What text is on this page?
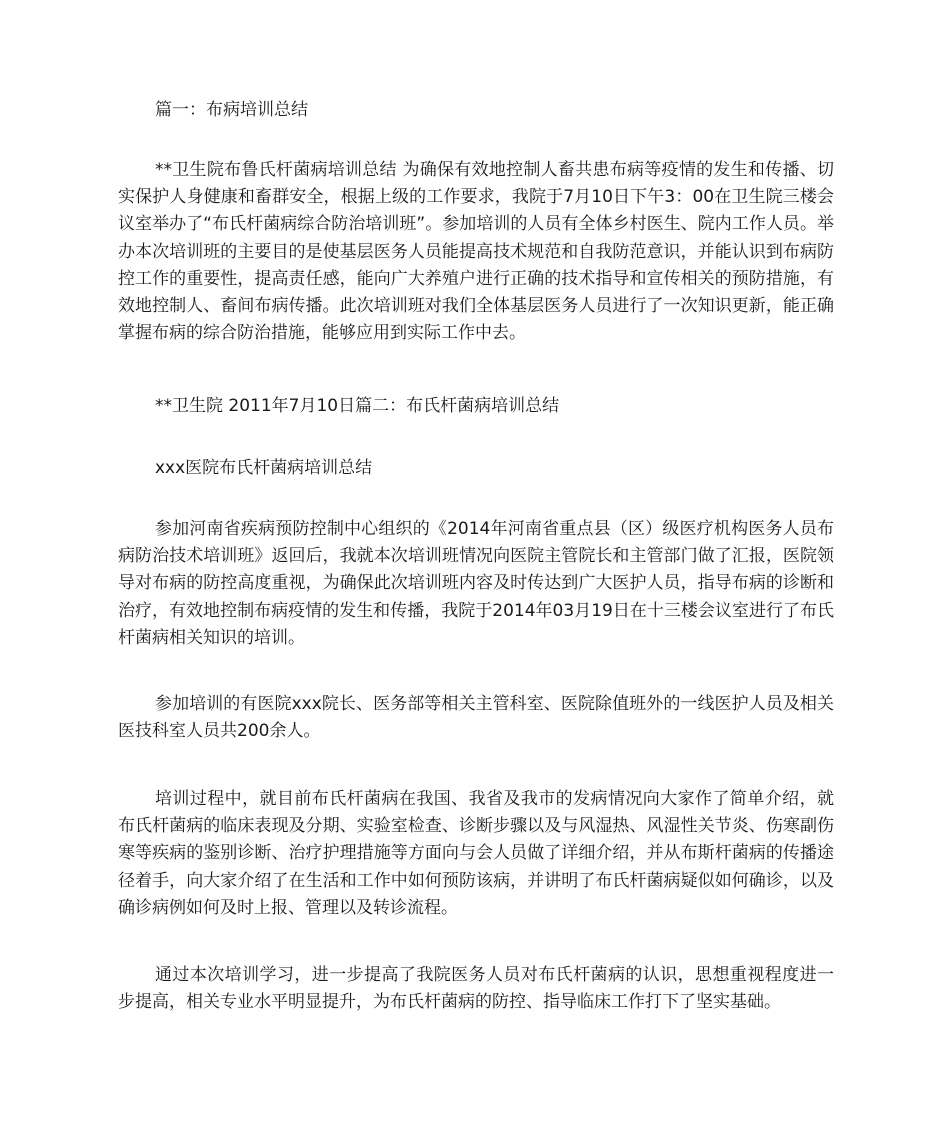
篇一：布病培训总结

**卫生院布鲁氏杆菌病培训总结 为确保有效地控制人畜共患布病等疫情的发生和传播、切实保护人身健康和畜群安全，根据上级的工作要求，我院于7月10日下午3：00在卫生院三楼会议室举办了“布氏杆菌病综合防治培训班”。参加培训的人员有全体乡村医生、院内工作人员。举办本次培训班的主要目的是使基层医务人员能提高技术规范和自我防范意识，并能认识到布病防控工作的重要性，提高责任感，能向广大养殖户进行正确的技术指导和宣传相关的预防措施，有效地控制人、畜间布病传播。此次培训班对我们全体基层医务人员进行了一次知识更新，能正确掌握布病的综合防治措施，能够应用到实际工作中去。

**卫生院 2011年7月10日篇二：布氏杆菌病培训总结

xxx医院布氏杆菌病培训总结

参加河南省疾病预防控制中心组织的《2014年河南省重点县（区）级医疗机构医务人员布病防治技术培训班》返回后，我就本次培训班情况向医院主管院长和主管部门做了汇报，医院领导对布病的防控高度重视，为确保此次培训班内容及时传达到广大医护人员，指导布病的诊断和治疗，有效地控制布病疫情的发生和传播，我院于2014年03月19日在十三楼会议室进行了布氏杆菌病相关知识的培训。

参加培训的有医院xxx院长、医务部等相关主管科室、医院除值班外的一线医护人员及相关医技科室人员共200余人。

培训过程中，就目前布氏杆菌病在我国、我省及我市的发病情况向大家作了简单介绍，就布氏杆菌病的临床表现及分期、实验室检查、诊断步骤以及与风湿热、风湿性关节炎、伤寒副伤寒等疾病的鉴别诊断、治疗护理措施等方面向与会人员做了详细介绍，并从布斯杆菌病的传播途径着手，向大家介绍了在生活和工作中如何预防该病，并讲明了布氏杆菌病疑似如何确诊，以及确诊病例如何及时上报、管理以及转诊流程。

通过本次培训学习，进一步提高了我院医务人员对布氏杆菌病的认识，思想重视程度进一步提高，相关专业水平明显提升，为布氏杆菌病的防控、指导临床工作打下了坚实基础。
